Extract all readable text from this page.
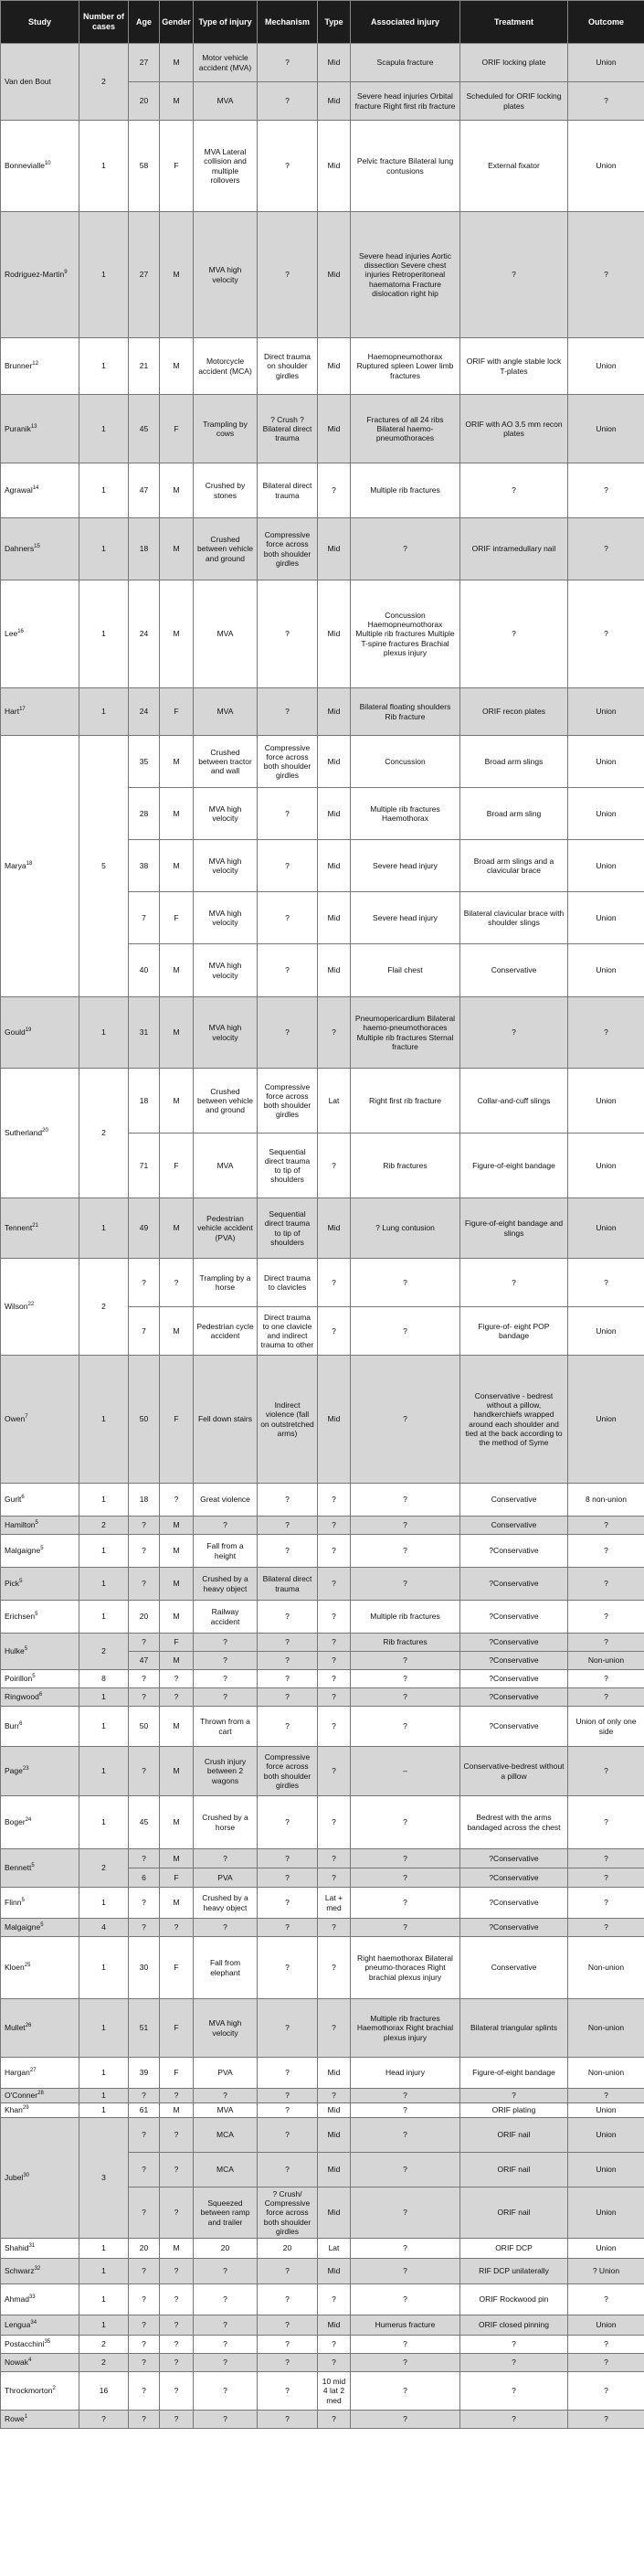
Study	Number of cases	Age	Gender	Type of injury	Mechanism	Type	Associated injury	Treatment	Outcome
Van den Bout	2	27	M	Motor vehicle accident (MVA)	?	Mid	Scapula fracture	ORIF locking plate	Union
		20	M	MVA	?	Mid	Severe head injuries Orbital fracture Right first rib fracture	Scheduled for ORIF locking plates	?
Bonnevialle$^{10}$	1	58	F	MVA Lateral collision and multiple rollovers	?	Mid	Pelvic fracture Bilateral lung contusions	External fixator	Union
Rodriguez-Martin$^9$	1	27	M	MVA high velocity	?	Mid	Severe head injuries Aortic dissection Severe chest injuries Retroperitoneal haematoma Fracture dislocation right hip	?	?
Brunner$^{12}$	1	21	M	Motorcycle accident (MCA)	Direct trauma on shoulder girdles	Mid	Haemopneumothorax Ruptured spleen Lower limb fractures	ORIF with angle stable lock T-plates	Union
Puranik$^{13}$	1	45	F	Trampling by cows	? Crush ? Bilateral direct trauma	Mid	Fractures of all 24 ribs Bilateral haemo-pneumothoraces	ORIF with AO 3.5 mm recon plates	Union
Agrawal$^{14}$	1	47	M	Crushed by stones	Bilateral direct trauma	?	Multiple rib fractures	?	?
Dahners$^{15}$	1	18	M	Crushed between vehicle and ground	Compressive force across both shoulder girdles	Mid	?	ORIF intramedullary nail	?
Lee$^{16}$	1	24	M	MVA	?	Mid	Concussion Haemopneumothorax Multiple rib fractures Multiple T-spine fractures Brachial plexus injury	?	?
Hart$^{17}$	1	24	F	MVA	?	Mid	Bilateral floating shoulders Rib fracture	ORIF recon plates	Union
Marya$^{18}$	5	35	M	Crushed between tractor and wall	Compressive force across both shoulder girdles	Mid	Concussion	Broad arm slings	Union
		28	M	MVA high velocity	?	Mid	Multiple rib fractures Haemothorax	Broad arm sling	Union
		38	M	MVA high velocity	?	Mid	Severe head injury	Broad arm slings and a clavicular brace	Union
		7	F	MVA high velocity	?	Mid	Severe head injury	Bilateral clavicular brace with shoulder slings	Union
		40	M	MVA high velocity	?	Mid	Flail chest	Conservative	Union
Gould$^{19}$	1	31	M	MVA high velocity	?	?	Pneumopericardium Bilateral haemo-pneumothoraces Multiple rib fractures Sternal fracture	?	?
Sutherland$^{20}$	2	18	M	Crushed between vehicle and ground	Compressive force across both shoulder girdles	Lat	Right first rib fracture	Collar-and-cuff slings	Union
		71	F	MVA	Sequential direct trauma to tip of shoulders	?	Rib fractures	Figure-of-eight bandage	Union
Tennent$^{21}$	1	49	M	Pedestrian vehicle accident (PVA)	Sequential direct trauma to tip of shoulders	Mid	? Lung contusion	Figure-of-eight bandage and slings	Union
Wilson$^{22}$	2	?	?	Trampling by a horse	Direct trauma to clavicles	?	?	?	?
		7	M	Pedestrian cycle accident	Direct trauma to one clavicle and indirect trauma to other	?	?	Figure-of- eight POP bandage	Union
Owen$^7$	1	50	F	Fell down stairs	Indirect violence (fall on outstretched arms)	Mid	?	Conservative - bedrest without a pillow, handkerchiefs wrapped around each shoulder and tied at the back according to the method of Syme	Union
Gurlt$^6$	1	18	?	Great violence	?	?	?	Conservative	8 non-union
Hamilton$^5$	2	?	M	?	?	?	?	Conservative	?
Malgaigne$^5$	1	?	M	Fall from a height	?	?	?	?Conservative	?
Pick$^5$	1	?	M	Crushed by a heavy object	Bilateral direct trauma	?	?	?Conservative	?
Erichsen$^5$	1	20	M	Railway accident	?	?	Multiple rib fractures	?Conservative	?
Hulke$^5$	2	?	F	?	?	?	Rib fractures	?Conservative	?
		47	M	?	?	?	?	?Conservative	Non-union
Poirillon$^5$	8	?	?	?	?	?	?	?Conservative	?
Ringwood$^6$	1	?	?	?	?	?	?	?Conservative	?
Burr$^6$	1	50	M	Thrown from a cart	?	?	?	?Conservative	Union of only one side
Page$^{23}$	1	?	M	Crush injury between 2 wagons	Compressive force across both shoulder girdles	?	–	Conservative-bedrest without a pillow	?
Boger$^{24}$	1	45	M	Crushed by a horse	?	?	?	Bedrest with the arms bandaged across the chest	?
Bennett$^5$	2	?	M	?	?	?	?	?Conservative	?
		6	F	PVA	?	?	?	?Conservative	?
Flinn$^5$	1	?	M	Crushed by a heavy object	?	Lat + med	?	?Conservative	?
Malgaigne$^5$	4	?	?	?	?	?	?	?Conservative	?
Kloen$^{25}$	1	30	F	Fall from elephant	?	?	Right haemothorax Bilateral pneumo-thoraces Right brachial plexus injury	Conservative	Non-union
Mullet$^{26}$	1	51	F	MVA high velocity	?	?	Multiple rib fractures Haemothorax Right brachial plexus injury	Bilateral triangular splints	Non-union
Hargan$^{27}$	1	39	F	PVA	?	Mid	Head injury	Figure-of-eight bandage	Non-union
O'Conner$^{28}$	1	?	?	?	?	?	?	?	?
Khan$^{29}$	1	61	M	MVA	?	Mid	?	ORIF plating	Union
Jubel$^{30}$	3	?	?	MCA	?	Mid	?	ORIF nail	Union
		?	?	MCA	?	Mid	?	ORIF nail	Union
		?	?	Squeezed between ramp and trailer	? Crush/ Compressive force across both shoulder girdles	Mid	?	ORIF nail	Union
Shahid$^{31}$	1	20	M	20	20	Lat	?	ORIF DCP	Union
Schwarz$^{32}$	1	?	?	?	?	Mid	?	RIF DCP unilaterally	? Union
Ahmad$^{33}$	1	?	?	?	?	?	?	ORIF Rockwood pin	?
Lengua$^{34}$	1	?	?	?	?	Mid	Humerus fracture	ORIF closed pinning	Union
Postacchini$^{35}$	2	?	?	?	?	?	?	?	?
Nowak$^4$	2	?	?	?	?	?	?	?	?
Throckmorton$^2$	16	?	?	?	?	10 mid 4 lat 2 med	?	?	?
Rowe$^1$	?	?	?	?	?	?	?	?	?
